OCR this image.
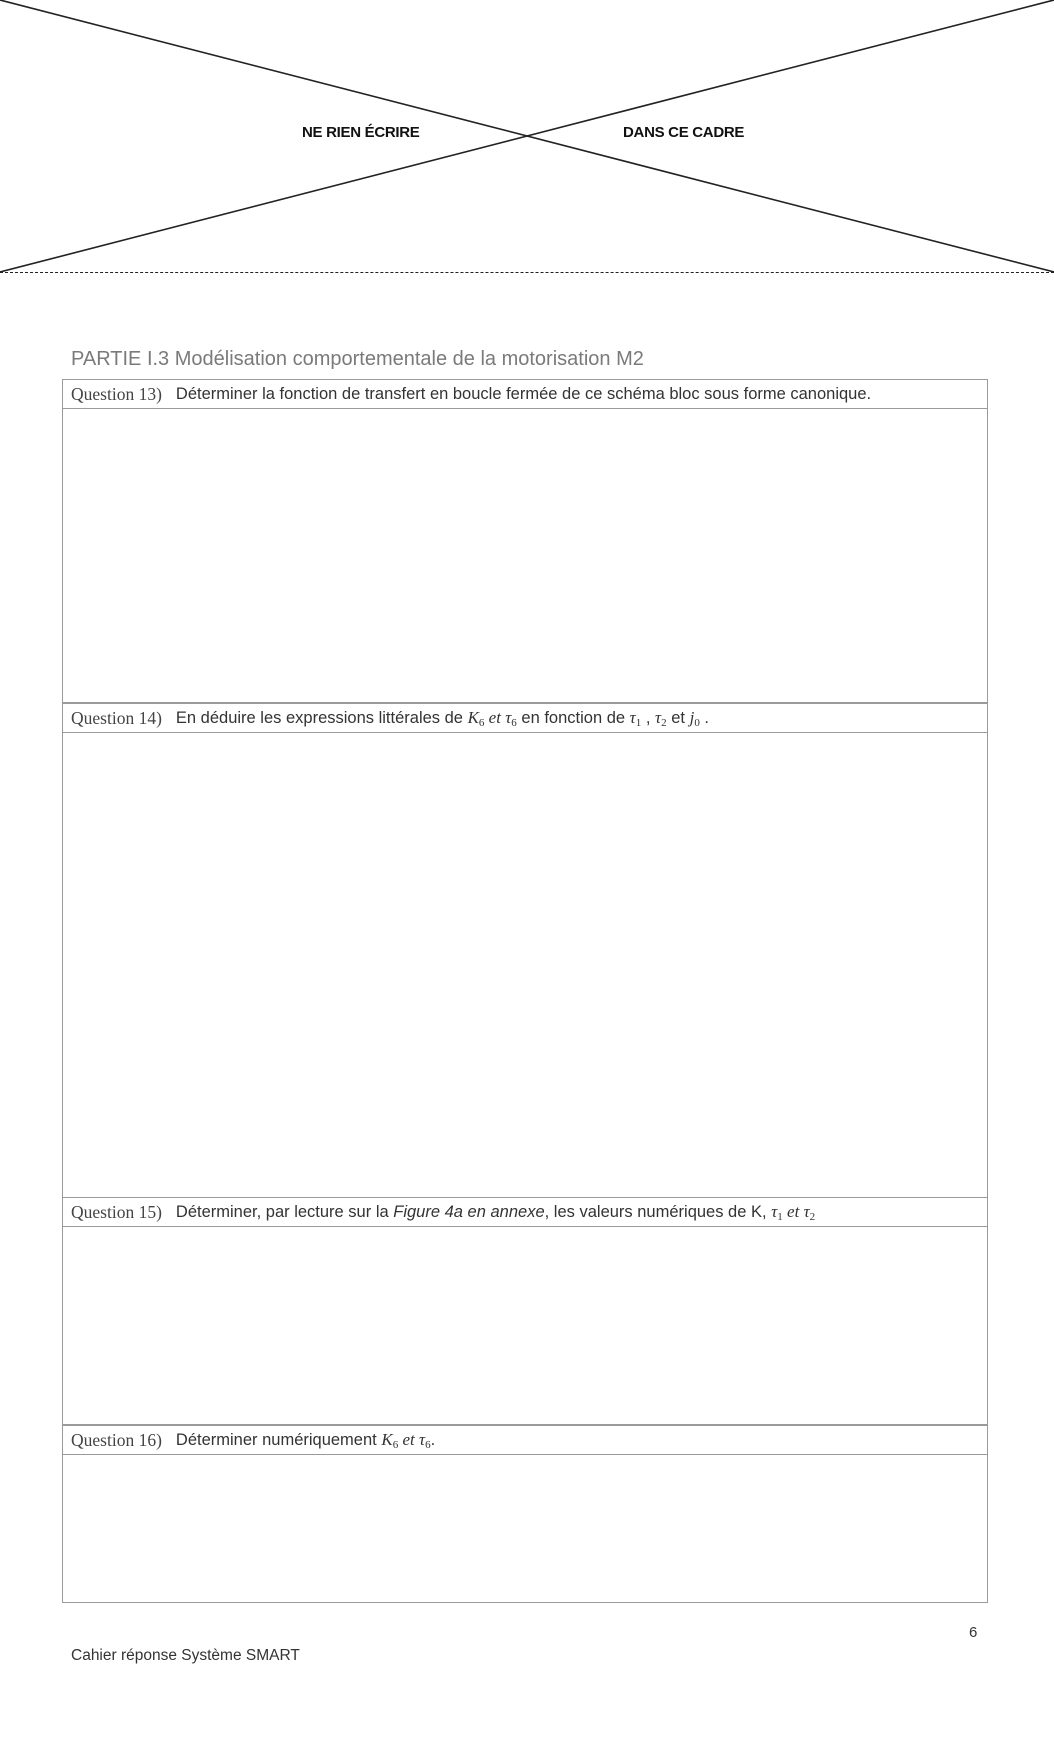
NE RIEN ÉCRIRE	DANS CE CADRE
PARTIE I.3 Modélisation comportementale de la motorisation M2
Question 13) Déterminer la fonction de transfert en boucle fermée de ce schéma bloc sous forme canonique.
Question 14) En déduire les expressions littérales de $K_6$ et $\tau_6$ en fonction de $\tau_1$ , $\tau_2$ et $j_0$ .
Question 15) Déterminer, par lecture sur la Figure 4a en annexe, les valeurs numériques de K, $\tau_1$ et $\tau_2$
Question 16) Déterminer numériquement $K_6$ et $\tau_6$.
6
Cahier réponse Système SMART
